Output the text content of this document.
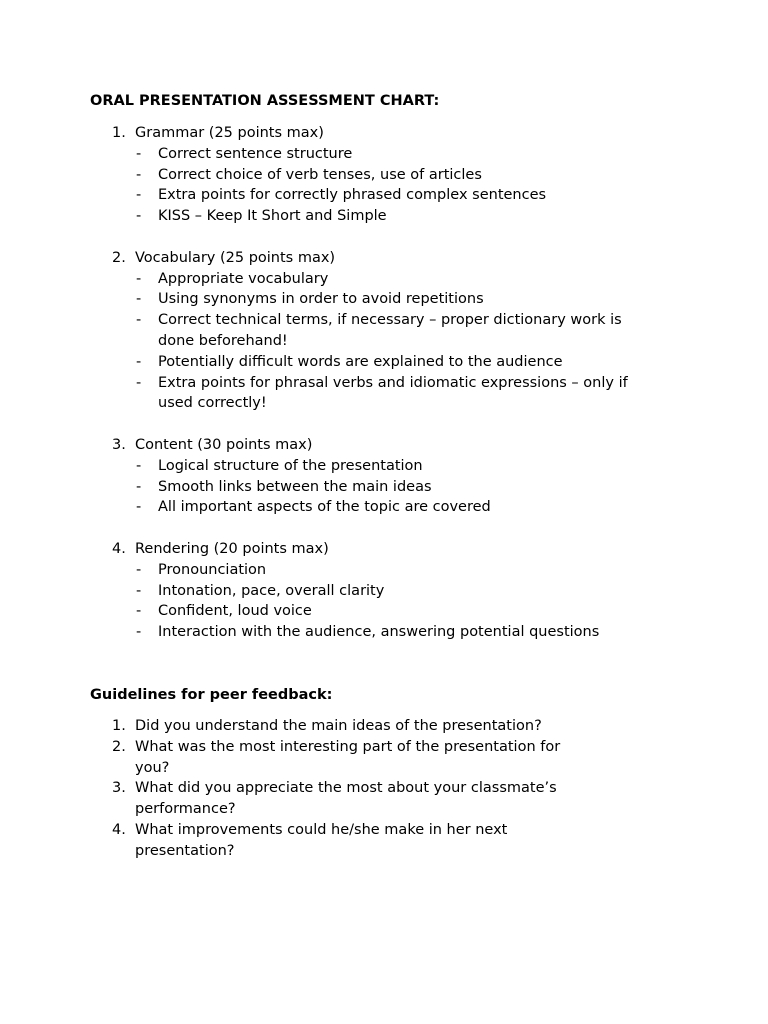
ORAL PRESENTATION ASSESSMENT CHART:
1. Grammar (25 points max)
- Correct sentence structure
- Correct choice of verb tenses, use of articles
- Extra points for correctly phrased complex sentences
- KISS – Keep It Short and Simple
2. Vocabulary (25 points max)
- Appropriate vocabulary
- Using synonyms in order to avoid repetitions
- Correct technical terms, if necessary – proper dictionary work is done beforehand!
- Potentially difficult words are explained to the audience
- Extra points for phrasal verbs and idiomatic expressions – only if used correctly!
3. Content (30 points max)
- Logical structure of the presentation
- Smooth links between the main ideas
- All important aspects of the topic are covered
4. Rendering (20 points max)
- Pronounciation
- Intonation, pace, overall clarity
- Confident, loud voice
- Interaction with the audience, answering potential questions
Guidelines for peer feedback:
1. Did you understand the main ideas of the presentation?
2. What was the most interesting part of the presentation for you?
3. What did you appreciate the most about your classmate’s performance?
4. What improvements could he/she make in her next presentation?
